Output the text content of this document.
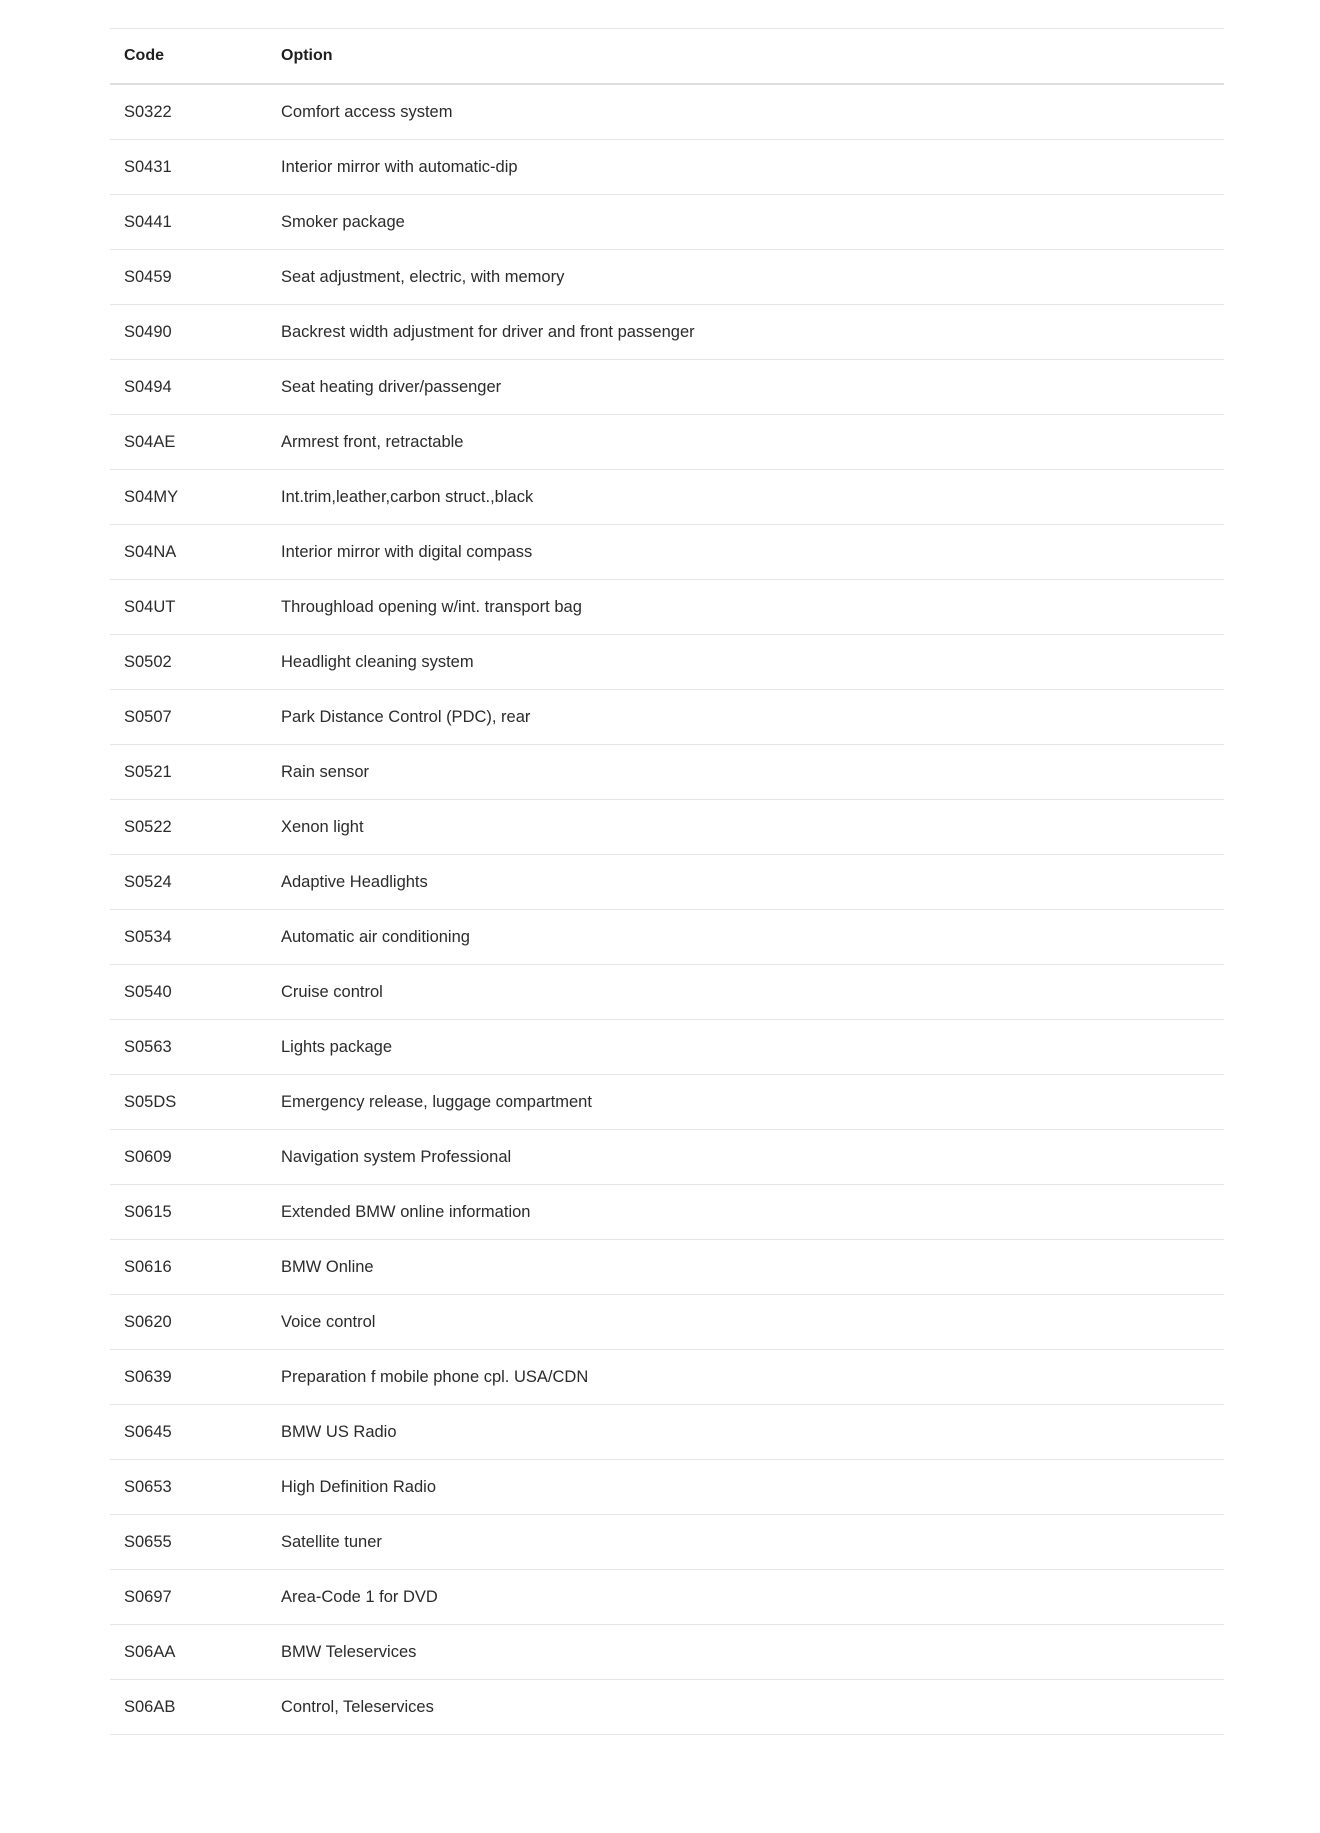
Code	Option
S0322	Comfort access system
S0431	Interior mirror with automatic-dip
S0441	Smoker package
S0459	Seat adjustment, electric, with memory
S0490	Backrest width adjustment for driver and front passenger
S0494	Seat heating driver/passenger
S04AE	Armrest front, retractable
S04MY	Int.trim,leather,carbon struct.,black
S04NA	Interior mirror with digital compass
S04UT	Throughload opening w/int. transport bag
S0502	Headlight cleaning system
S0507	Park Distance Control (PDC), rear
S0521	Rain sensor
S0522	Xenon light
S0524	Adaptive Headlights
S0534	Automatic air conditioning
S0540	Cruise control
S0563	Lights package
S05DS	Emergency release, luggage compartment
S0609	Navigation system Professional
S0615	Extended BMW online information
S0616	BMW Online
S0620	Voice control
S0639	Preparation f mobile phone cpl. USA/CDN
S0645	BMW US Radio
S0653	High Definition Radio
S0655	Satellite tuner
S0697	Area-Code 1 for DVD
S06AA	BMW Teleservices
S06AB	Control, Teleservices
